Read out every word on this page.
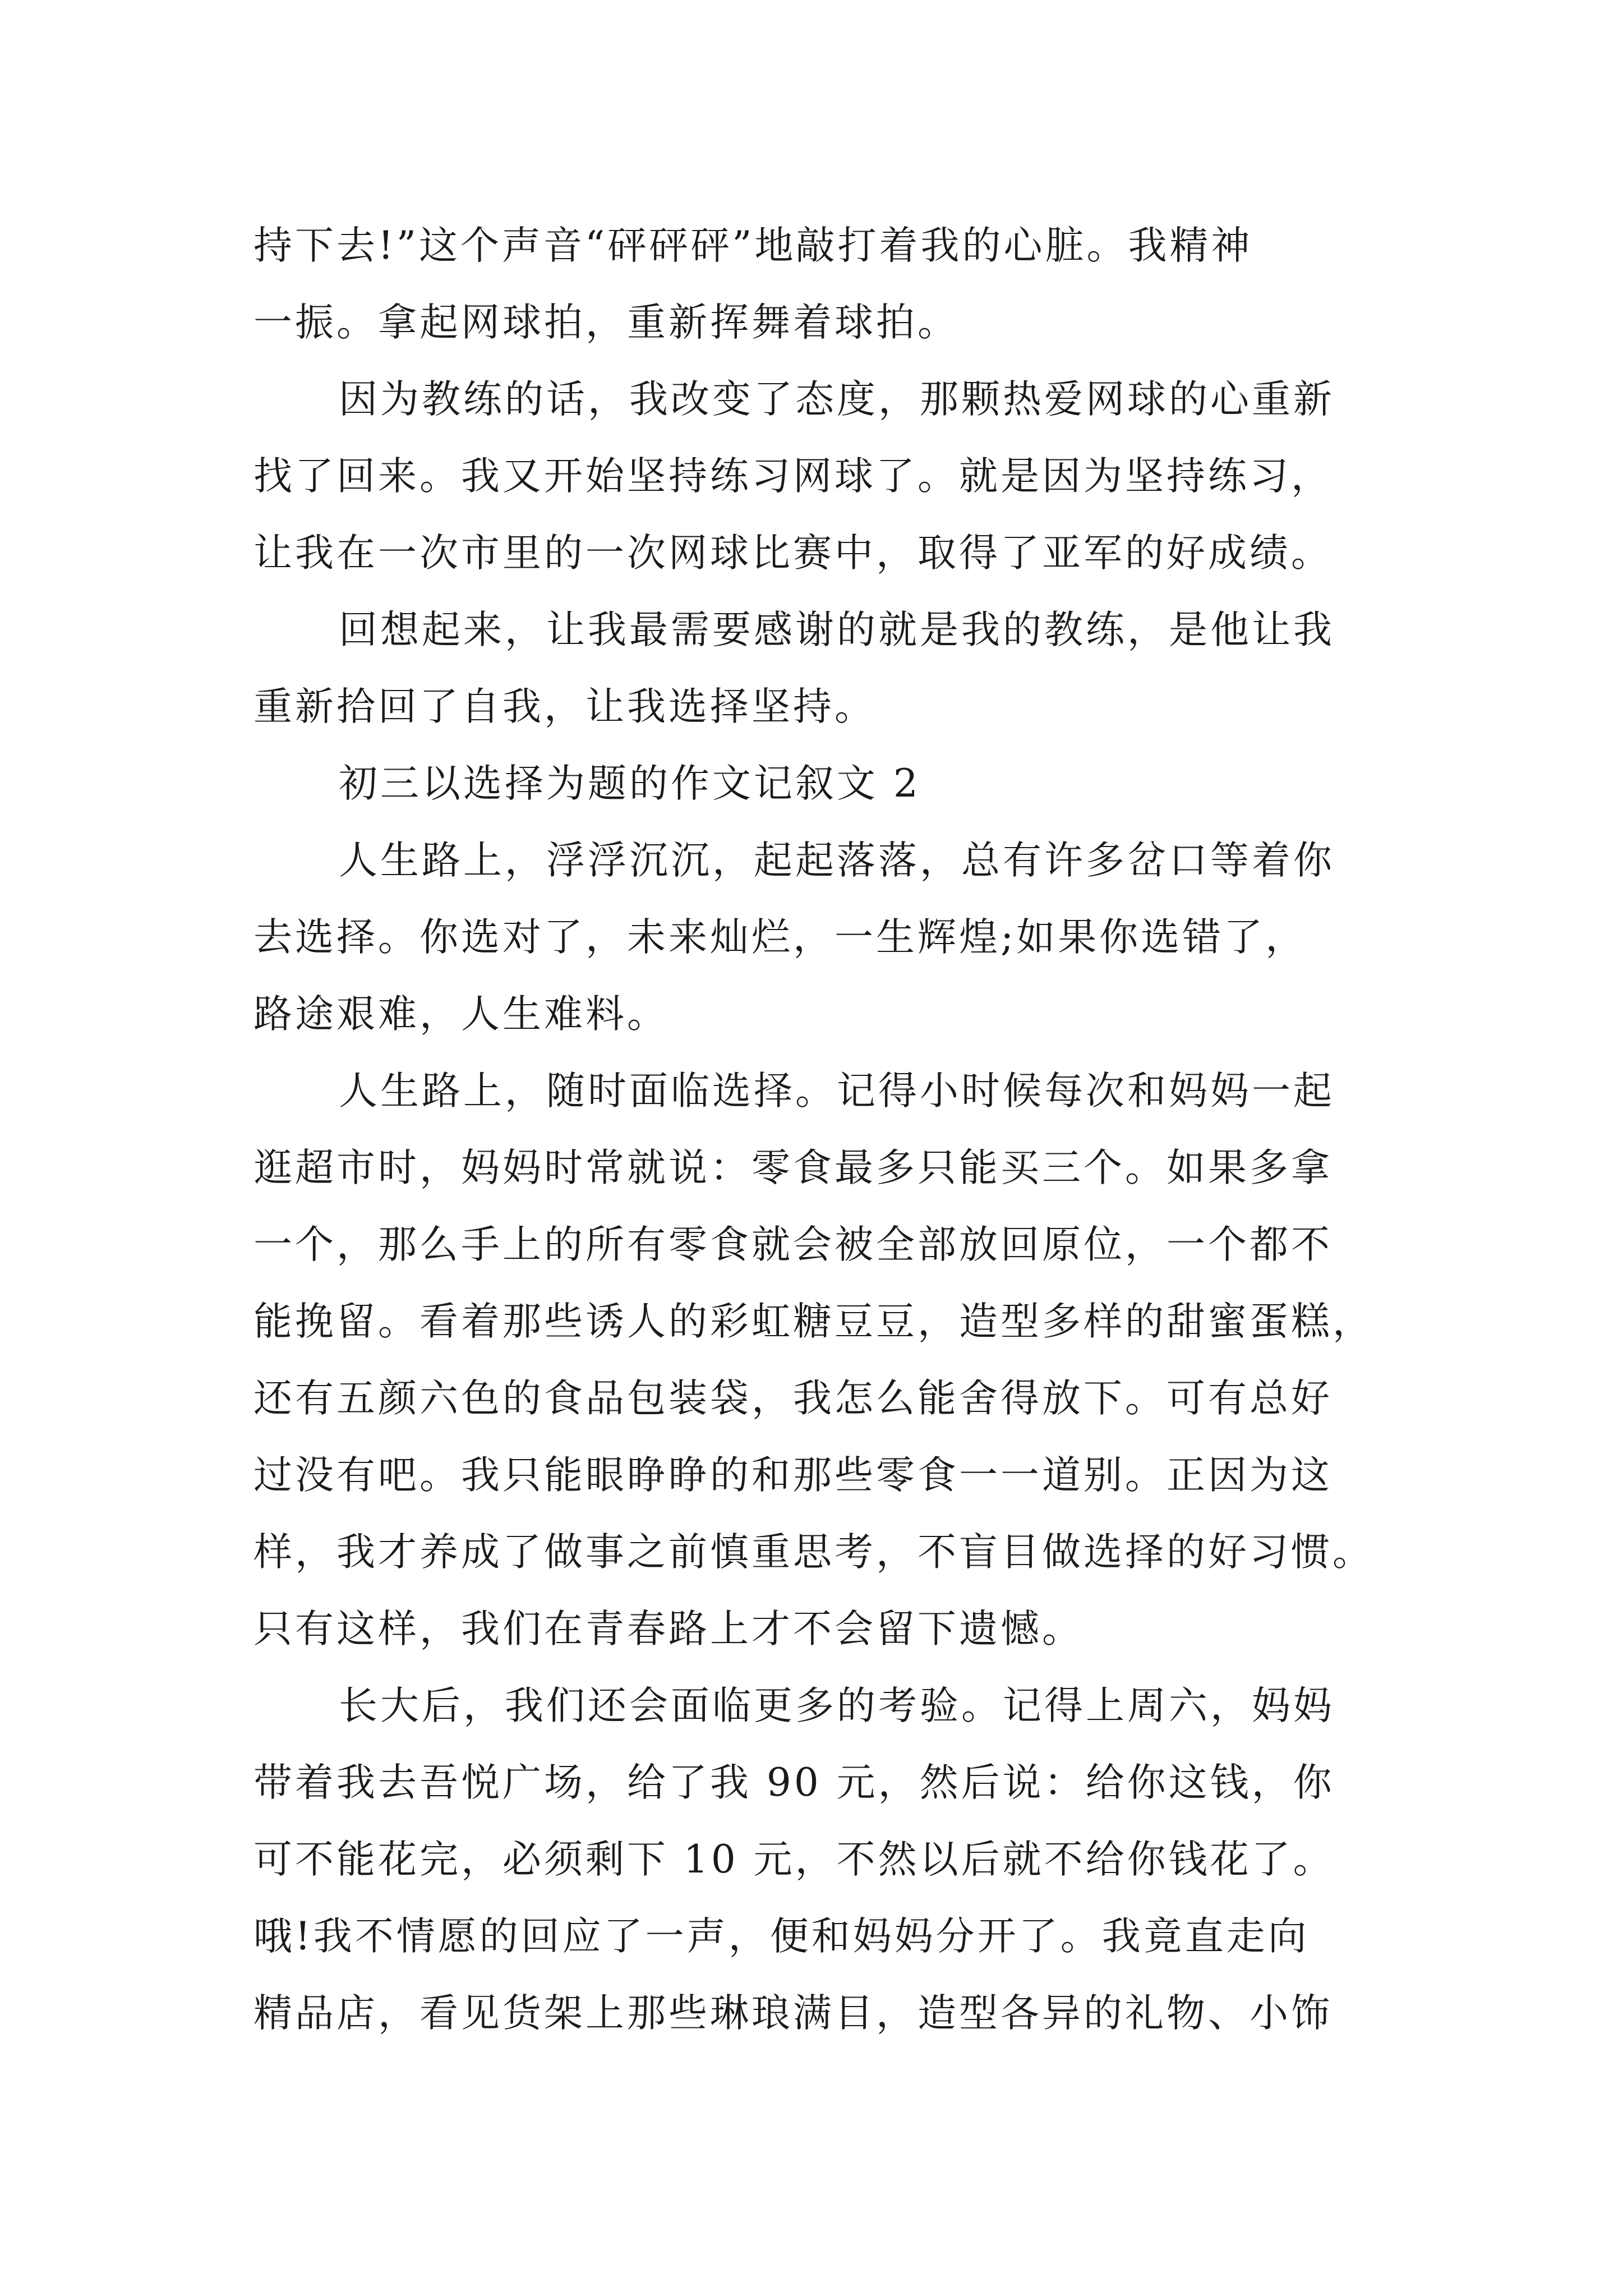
持下去!”这个声音“砰砰砰”地敲打着我的心脏。我精神
一振。拿起网球拍，重新挥舞着球拍。
因为教练的话，我改变了态度，那颗热爱网球的心重新
找了回来。我又开始坚持练习网球了。就是因为坚持练习，
让我在一次市里的一次网球比赛中，取得了亚军的好成绩。
回想起来，让我最需要感谢的就是我的教练，是他让我
重新拾回了自我，让我选择坚持。
初三以选择为题的作文记叙文 2
人生路上，浮浮沉沉，起起落落，总有许多岔口等着你
去选择。你选对了，未来灿烂，一生辉煌;如果你选错了，
路途艰难，人生难料。
人生路上，随时面临选择。记得小时候每次和妈妈一起
逛超市时，妈妈时常就说：零食最多只能买三个。如果多拿
一个，那么手上的所有零食就会被全部放回原位，一个都不
能挽留。看着那些诱人的彩虹糖豆豆，造型多样的甜蜜蛋糕，
还有五颜六色的食品包装袋，我怎么能舍得放下。可有总好
过没有吧。我只能眼睁睁的和那些零食一一道别。正因为这
样，我才养成了做事之前慎重思考，不盲目做选择的好习惯。
只有这样，我们在青春路上才不会留下遗憾。
长大后，我们还会面临更多的考验。记得上周六，妈妈
带着我去吾悦广场，给了我 90 元，然后说：给你这钱，你
可不能花完，必须剩下 10 元，不然以后就不给你钱花了。
哦!我不情愿的回应了一声，便和妈妈分开了。我竟直走向
精品店，看见货架上那些琳琅满目，造型各异的礼物、小饰
